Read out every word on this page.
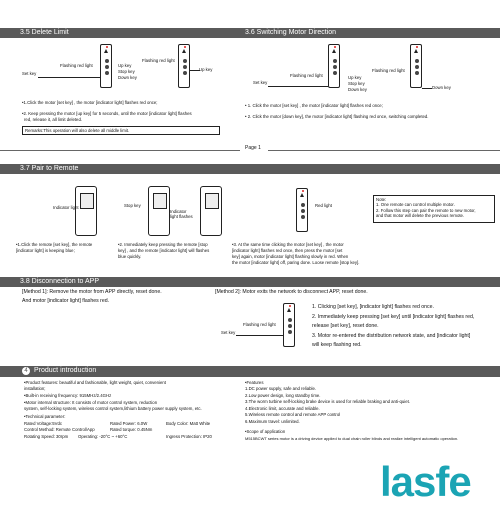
3.5 Delete Limit	3.6 Switching Motor Direction
Flashing red light
Set key
Up key
Stop key
Down key
Flashing red light
Up key
•1.Click the motor [set key] , the motor [indicator light] flashes red once;
•2. Keep pressing the motor [up key] for 5 seconds, until the motor [indicator light] flashes
red, release it, all limit deleted.
Remarks:This operation will also delete all middle limit.
Flashing red light
Set key
Up key
Stop key
Down key
Flashing red light
Down key
• 1. Click the motor [set key] , the motor [indicator light] flashes red once;
• 2. Click the motor [down key], the motor [indicator light] flashing red once, switching completed.
Page 1
3.7 Pair to Remote
Indicator light	Stop key
Indicator
light flashes
Red light
Note:
1. One remote can control multiple motor.
2. Follow this step can pair the remote to new motor,
and that motor will delete the previous remote.
•1.Click the remote [set key], the remote
[indicator light] is keeping blue;
•2. Immediately keep pressing the remote [stop
key] , and the remote [indicator light] will flashes
blue quickly.
•3. At the same time clicking the motor [set key] , the motor
[indicator light] flashes red once, then press the motor [set
key] again, motor [indicator light] flashing slowly in red. When
the motor [indicator light] off, paring done. Loose remote [stop key].
3.8 Disconnection to APP
[Method 1]: Remove the motor from APP directly, reset done.
And motor [indicator light] flashes red.
[Method 2]: Motor exits the network to disconnect APP, reset done.
Flashing red light
Set key
1. Clicking [set key], [indicator light] flashes red once.
2. Immediately keep pressing [set key] until [indicator light] flashes red,
release [set key], reset done.
3. Motor re-entered the distribution network state, and [indicator light]
will keep flashing red.
4 Product introduction
•Product features: beautiful and fashionable, light weight, quiet, convenient
installation;
•Built-in receiving frequency: 915MHz/2.4GHz
•Motor internal structure: It consists of motor control system, reduction
system, self-locking system, wireless control system,lithium battery power supply system, etc.
•Technical parameter:
Rated Voltage:5Vdc	Rated Power: 6.0W	Body Color: Matt White
Control Method: Remote Control/App	Rated torque: 0.45Nm
Rotating Speed: 30rpm Operating: -20°C ~ +60°C	Ingress Protection: IP20
•Features
1.DC power supply, safe and reliable.
2.Low power design, long standby time.
3.The worm turbine self-locking brake device is used for reliable braking and anti-quiet.
4.Electronic limit, accurate and reliable.
5.Wireless remote control and remote APP control
6.Maximum travel: unlimited.
•Scope of application
M515BCWT series motor is a driving device applied to dual chain roller blinds and realize intelligent automatic operation.
lasfe
